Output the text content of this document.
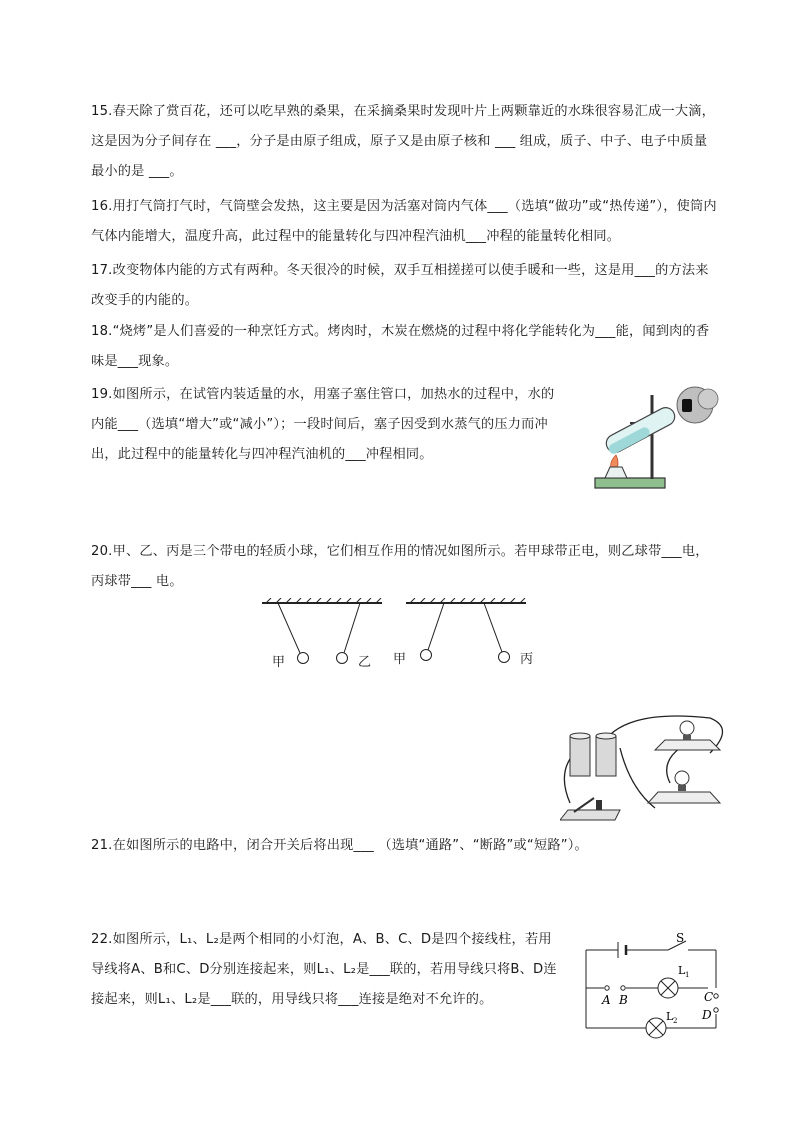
15.春天除了赏百花，还可以吃早熟的桑果，在采摘桑果时发现叶片上两颗靠近的水珠很容易汇成一大滴，这是因为分子间存在 ___，分子是由原子组成，原子又是由原子核和 ___ 组成，质子、中子、电子中质量最小的是 ___。

16.用打气筒打气时，气筒壁会发热，这主要是因为活塞对筒内气体___（选填“做功”或“热传递”），使筒内气体内能增大，温度升高，此过程中的能量转化与四冲程汽油机___冲程的能量转化相同。

17.改变物体内能的方式有两种。冬天很冷的时候，双手互相搓搓可以使手暖和一些，这是用___的方法来改变手的内能的。

18.“烧烤”是人们喜爱的一种烹饪方式。烤肉时，木炭在燃烧的过程中将化学能转化为___能，闻到肉的香味是___现象。

19.如图所示，在试管内装适量的水，用塞子塞住管口，加热水的过程中，水的内能___（选填“增大”或“减小”）；一段时间后，塞子因受到水蒸气的压力而冲出，此过程中的能量转化与四冲程汽油机的___冲程相同。

20.甲、乙、丙是三个带电的轻质小球，它们相互作用的情况如图所示。若甲球带正电，则乙球带___电，丙球带___ 电。

甲	乙 甲	丙

21.在如图所示的电路中，闭合开关后将出现___ （选填“通路”、“断路”或“短路”）。

22.如图所示，L₁、L₂是两个相同的小灯泡，A、B、C、D是四个接线柱，若用导线将A、B和C、D分别连接起来，则L₁、L₂是___联的，若用导线只将B、D连接起来，则L₁、L₂是___联的，用导线只将___连接是绝对不允许的。

S
L 1
L 2
A B	C
D
